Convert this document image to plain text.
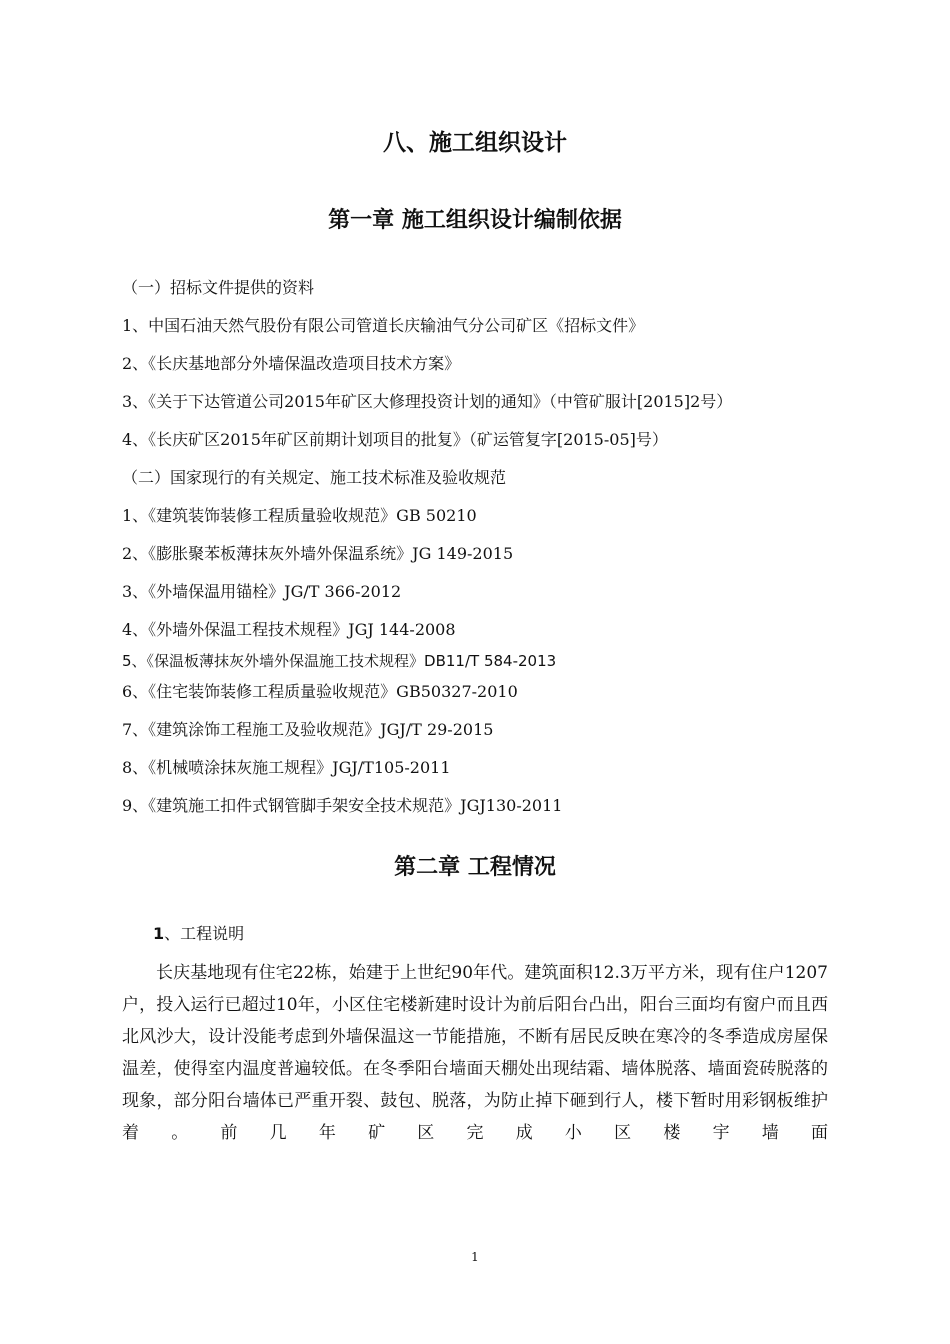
八、施工组织设计
第一章 施工组织设计编制依据
（一）招标文件提供的资料
1、中国石油天然气股份有限公司管道长庆输油气分公司矿区《招标文件》
2、《长庆基地部分外墙保温改造项目技术方案》
3、《关于下达管道公司2015年矿区大修理投资计划的通知》（中管矿服计[2015]2号）
4、《长庆矿区2015年矿区前期计划项目的批复》（矿运管复字[2015-05]号）
（二）国家现行的有关规定、施工技术标准及验收规范
1、《建筑装饰装修工程质量验收规范》GB 50210
2、《膨胀聚苯板薄抹灰外墙外保温系统》JG 149-2015
3、《外墙保温用锚栓》JG/T 366-2012
4、《外墙外保温工程技术规程》JGJ 144-2008
5、《保温板薄抹灰外墙外保温施工技术规程》DB11/T 584-2013
6、《住宅装饰装修工程质量验收规范》GB50327-2010
7、《建筑涂饰工程施工及验收规范》JGJ/T 29-2015
8、《机械喷涂抹灰施工规程》JGJ/T105-2011
9、《建筑施工扣件式钢管脚手架安全技术规范》JGJ130-2011
第二章 工程情况
1、工程说明
长庆基地现有住宅22栋，始建于上世纪90年代。建筑面积12.3万平方米，现有住户1207户，投入运行已超过10年，小区住宅楼新建时设计为前后阳台凸出，阳台三面均有窗户而且西北风沙大，设计没能考虑到外墙保温这一节能措施，不断有居民反映在寒冷的冬季造成房屋保温差，使得室内温度普遍较低。在冬季阳台墙面天棚处出现结霜、墙体脱落、墙面瓷砖脱落的现象，部分阳台墙体已严重开裂、鼓包、脱落，为防止掉下砸到行人，楼下暂时用彩钢板维护着。前几年矿区完成小区楼宇墙面
1
